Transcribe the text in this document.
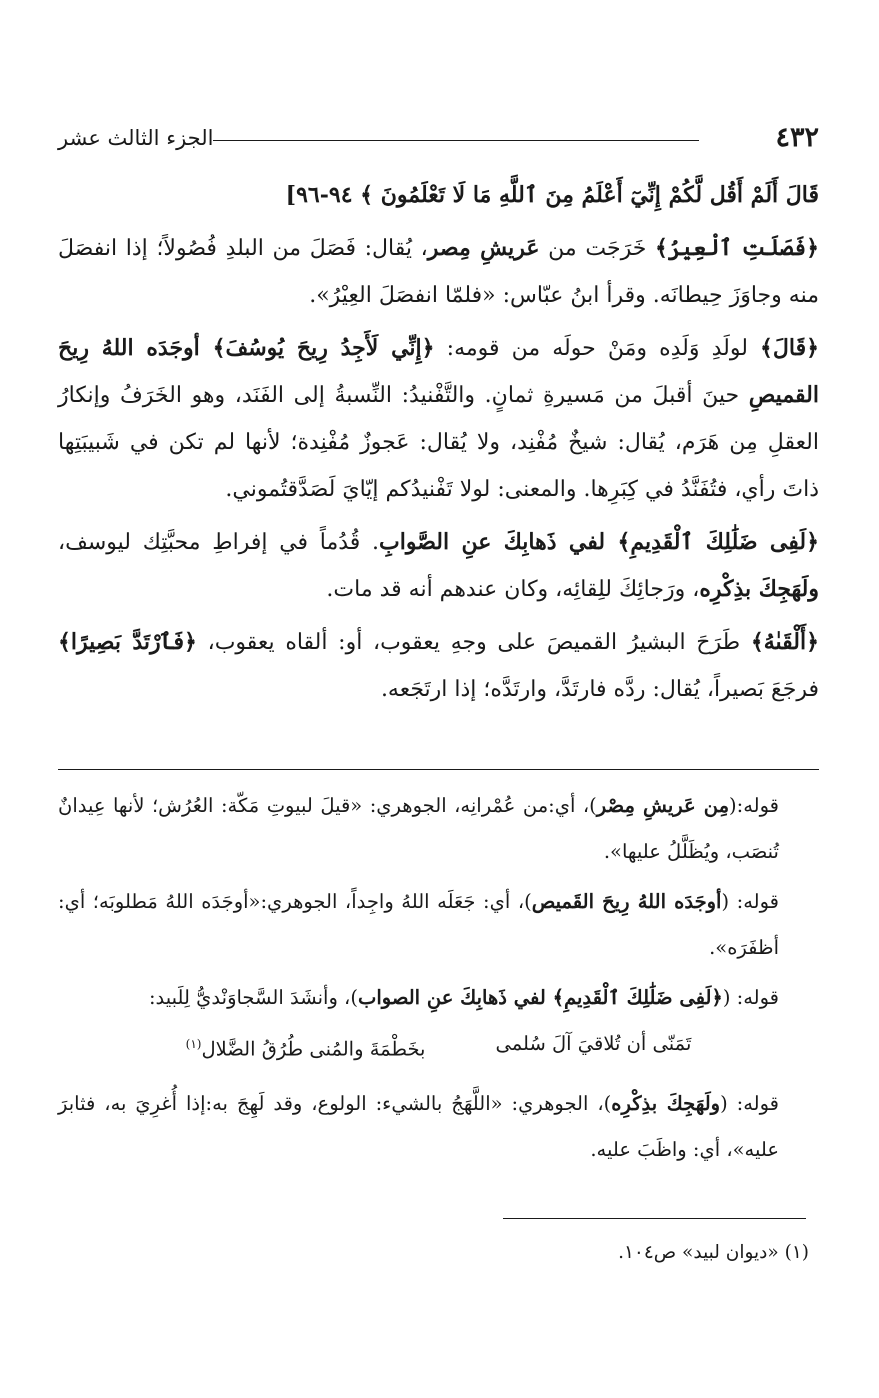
٤٣٢
الجزء الثالث عشر

قَالَ أَلَمْ أَقُل لَّكُمْ إِنِّيٓ أَعْلَمُ مِنَ ٱللَّهِ مَا لَا تَعْلَمُونَ ﴾ ٩٤-٩٦]

﴿فَصَلَتِ ٱلْعِيرُ﴾ خَرَجَت من عَريشِ مِصر، يُقال: فَصَلَ من البلدِ فُصُولاً؛ إذا انفصَلَ منه وجاوَزَ حِيطانَه. وقرأ ابنُ عبّاس: «فلمّا انفصَلَ العِيْرُ».

﴿قَالَ﴾ لولَدِ وَلَدِه ومَنْ حولَه من قومه: ﴿إِنِّي لَأَجِدُ رِيحَ يُوسُفَ﴾ أوجَدَه اللهُ رِيحَ القميصِ حينَ أقبلَ من مَسيرةِ ثمانٍ. والتَّفْنيدُ: النِّسبةُ إلى الفَنَد، وهو الخَرَفُ وإنكارُ العقلِ مِن هَرَم، يُقال: شيخٌ مُفْنِد، ولا يُقال: عَجوزٌ مُفْنِدة؛ لأنها لم تكن في شَبيبَتِها ذاتَ رأي، فتُفَنَّدُ في كِبَرِها. والمعنى: لولا تَفْنيدُكم إيّايَ لَصَدَّقتُموني.

﴿لَفِى ضَلَٰلِكَ ٱلْقَدِيمِ﴾ لفي ذَهابِكَ عنِ الصَّوابِ. قُدُماً في إفراطِ محبَّتِك ليوسف، ولَهَجِكَ بذِكْرِه، ورَجائِكَ للِقائِه، وكان عندهم أنه قد مات.

﴿أَلْقَىٰهُ﴾ طَرَحَ البشيرُ القميصَ على وجهِ يعقوب، أو: ألقاه يعقوب، ﴿فَٱرْتَدَّ بَصِيرًا﴾ فرجَعَ بَصيراً، يُقال: ردَّه فارتَدَّ، وارتَدَّه؛ إذا ارتَجَعه.

قوله:(مِن عَريشِ مِصْر)، أي:من عُمْرانِه، الجوهري: «قيلَ لبيوتِ مَكّة: العُرُش؛ لأنها عِيدانٌ تُنصَب، ويُظَلَّلُ عليها».

قوله: (أوجَدَه اللهُ رِيحَ القَميص)، أي: جَعَلَه اللهُ واجِداً، الجوهري:«أوجَدَه اللهُ مَطلوبَه؛ أي: أظفَرَه».

قوله: (﴿لَفِى ضَلَٰلِكَ ٱلْقَدِيمِ﴾ لفي ذَهابِكَ عنِ الصواب)، وأنشَدَ السَّجاوَنْديُّ لِلَبيد:

تَمَنّى أن تُلاقيَ آلَ سُلمى
بخَطْمَةَ والمُنى طُرُقُ الضَّلال$^{(١)}$

قوله: (ولَهَجِكَ بذِكْرِه)، الجوهري: «اللَّهَجُ بالشيء: الولوع، وقد لَهِجَ به:إذا أُغرِيَ به، فثابرَ عليه»، أي: واظَبَ عليه.

(١) «ديوان لبيد» ص١٠٤.
